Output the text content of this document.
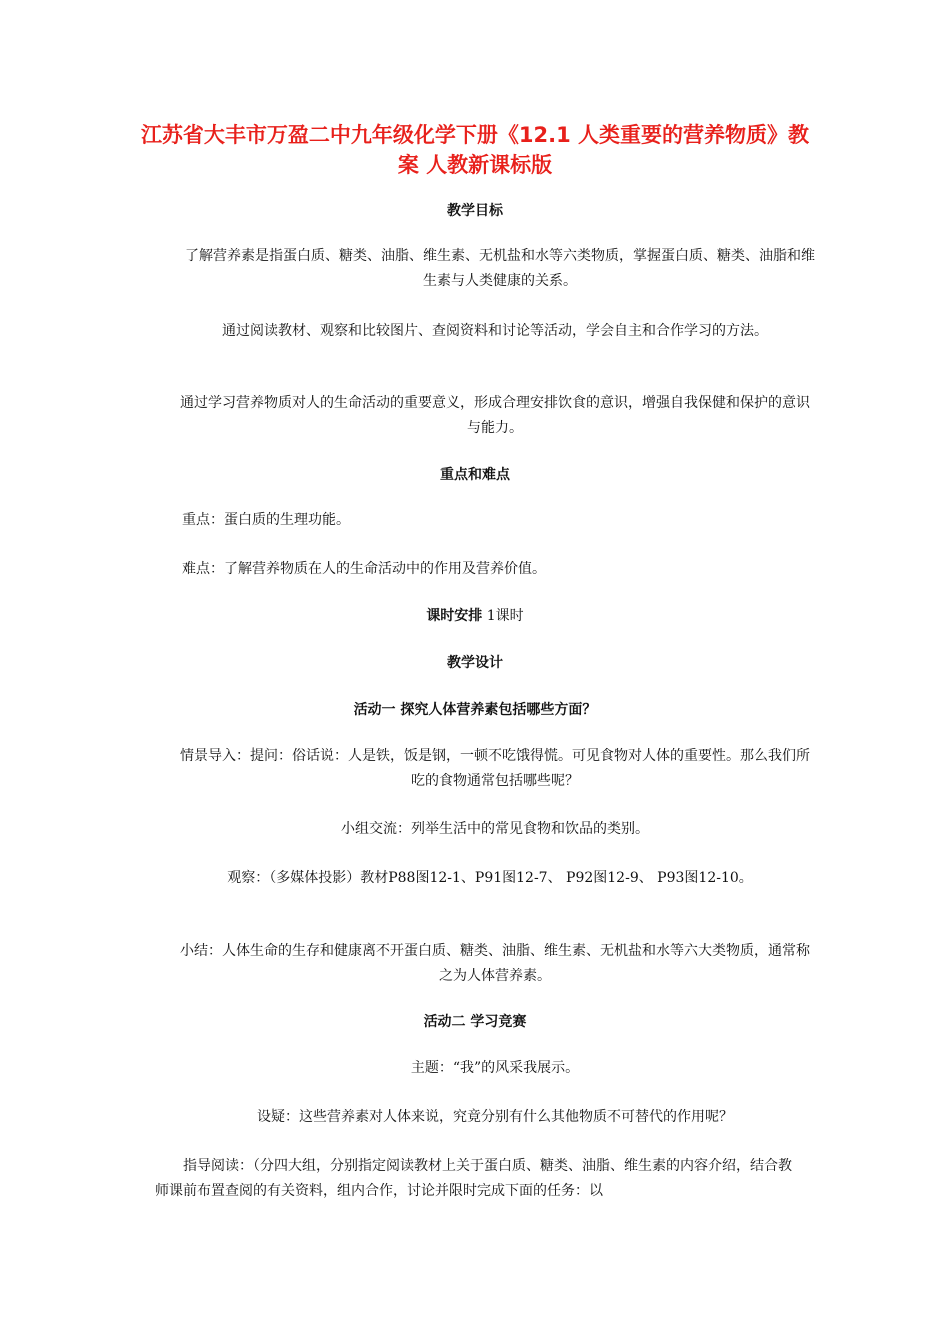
江苏省大丰市万盈二中九年级化学下册《12.1 人类重要的营养物质》教案 人教新课标版
教学目标
了解营养素是指蛋白质、糖类、油脂、维生素、无机盐和水等六类物质，掌握蛋白质、糖类、油脂和维生素与人类健康的关系。
通过阅读教材、观察和比较图片、查阅资料和讨论等活动，学会自主和合作学习的方法。
通过学习营养物质对人的生命活动的重要意义，形成合理安排饮食的意识，增强自我保健和保护的意识与能力。
重点和难点
重点：蛋白质的生理功能。
难点：了解营养物质在人的生命活动中的作用及营养价值。
课时安排 1课时
教学设计
活动一 探究人体营养素包括哪些方面？
情景导入：提问：俗话说：人是铁，饭是钢，一顿不吃饿得慌。可见食物对人体的重要性。那么我们所吃的食物通常包括哪些呢？
小组交流：列举生活中的常见食物和饮品的类别。
观察：（多媒体投影）教材P88图12-1、P91图12-7、 P92图12-9、 P93图12-10。
小结：人体生命的生存和健康离不开蛋白质、糖类、油脂、维生素、无机盐和水等六大类物质，通常称之为人体营养素。
活动二 学习竞赛
主题：“我”的风采我展示。
设疑：这些营养素对人体来说，究竟分别有什么其他物质不可替代的作用呢？
指导阅读：（分四大组，分别指定阅读教材上关于蛋白质、糖类、油脂、维生素的内容介绍，结合教师课前布置查阅的有关资料，组内合作，讨论并限时完成下面的任务：以
